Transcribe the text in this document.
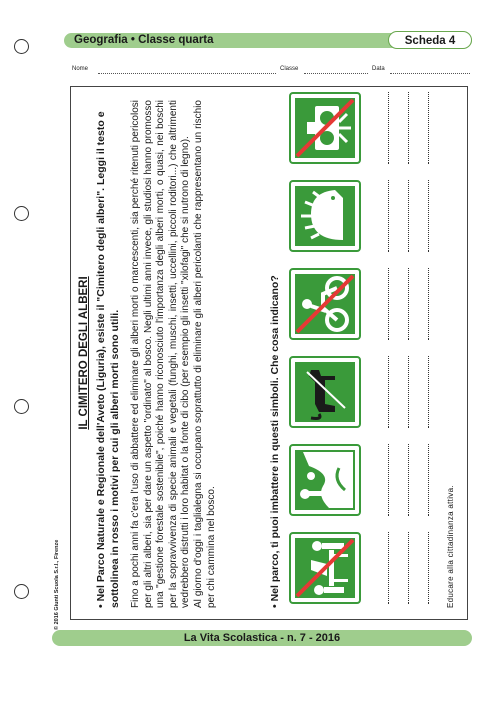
Geografia • Classe quarta	Scheda 4
Nome	Classe	Data
IL CIMITERO DEGLI ALBERI • Nel Parco Naturale e Regionale dell'Aveto (Liguria), esiste il "Cimitero degli alberi". Leggi il testo e sottolinea in rosso i motivi per cui gli alberi morti sono utili. Fino a pochi anni fa c'era l'uso di abbattere ed eliminare gli alberi morti o marcescenti, sia perché ritenuti pericolosi per gli altri alberi, sia per dare un aspetto "ordinato" al bosco. Negli ultimi anni invece, gli studiosi hanno promosso una "gestione forestale sostenibile", poiché hanno riconosciuto l'importanza degli alberi morti, o quasi, nei boschi per la sopravvivenza di specie animali e vegetali (funghi, muschi, insetti, uccellini, piccoli roditori...) che altrimenti vedrebbero distrutti i loro habitat o la fonte di cibo (per esempio gli insetti "xilofagi" che si nutrono di legno). Al giorno d'oggi i taglialegna si occupano soprattutto di eliminare gli alberi pericolanti che rappresentano un rischio per chi cammina nel bosco.	• Nel parco, ti puoi imbattere in questi simboli. Che cosa indicano?	Educare alla cittadinanza attiva.
© 2016 Giunti Scuola S.r.l., Firenze
La Vita Scolastica - n. 7 - 2016
